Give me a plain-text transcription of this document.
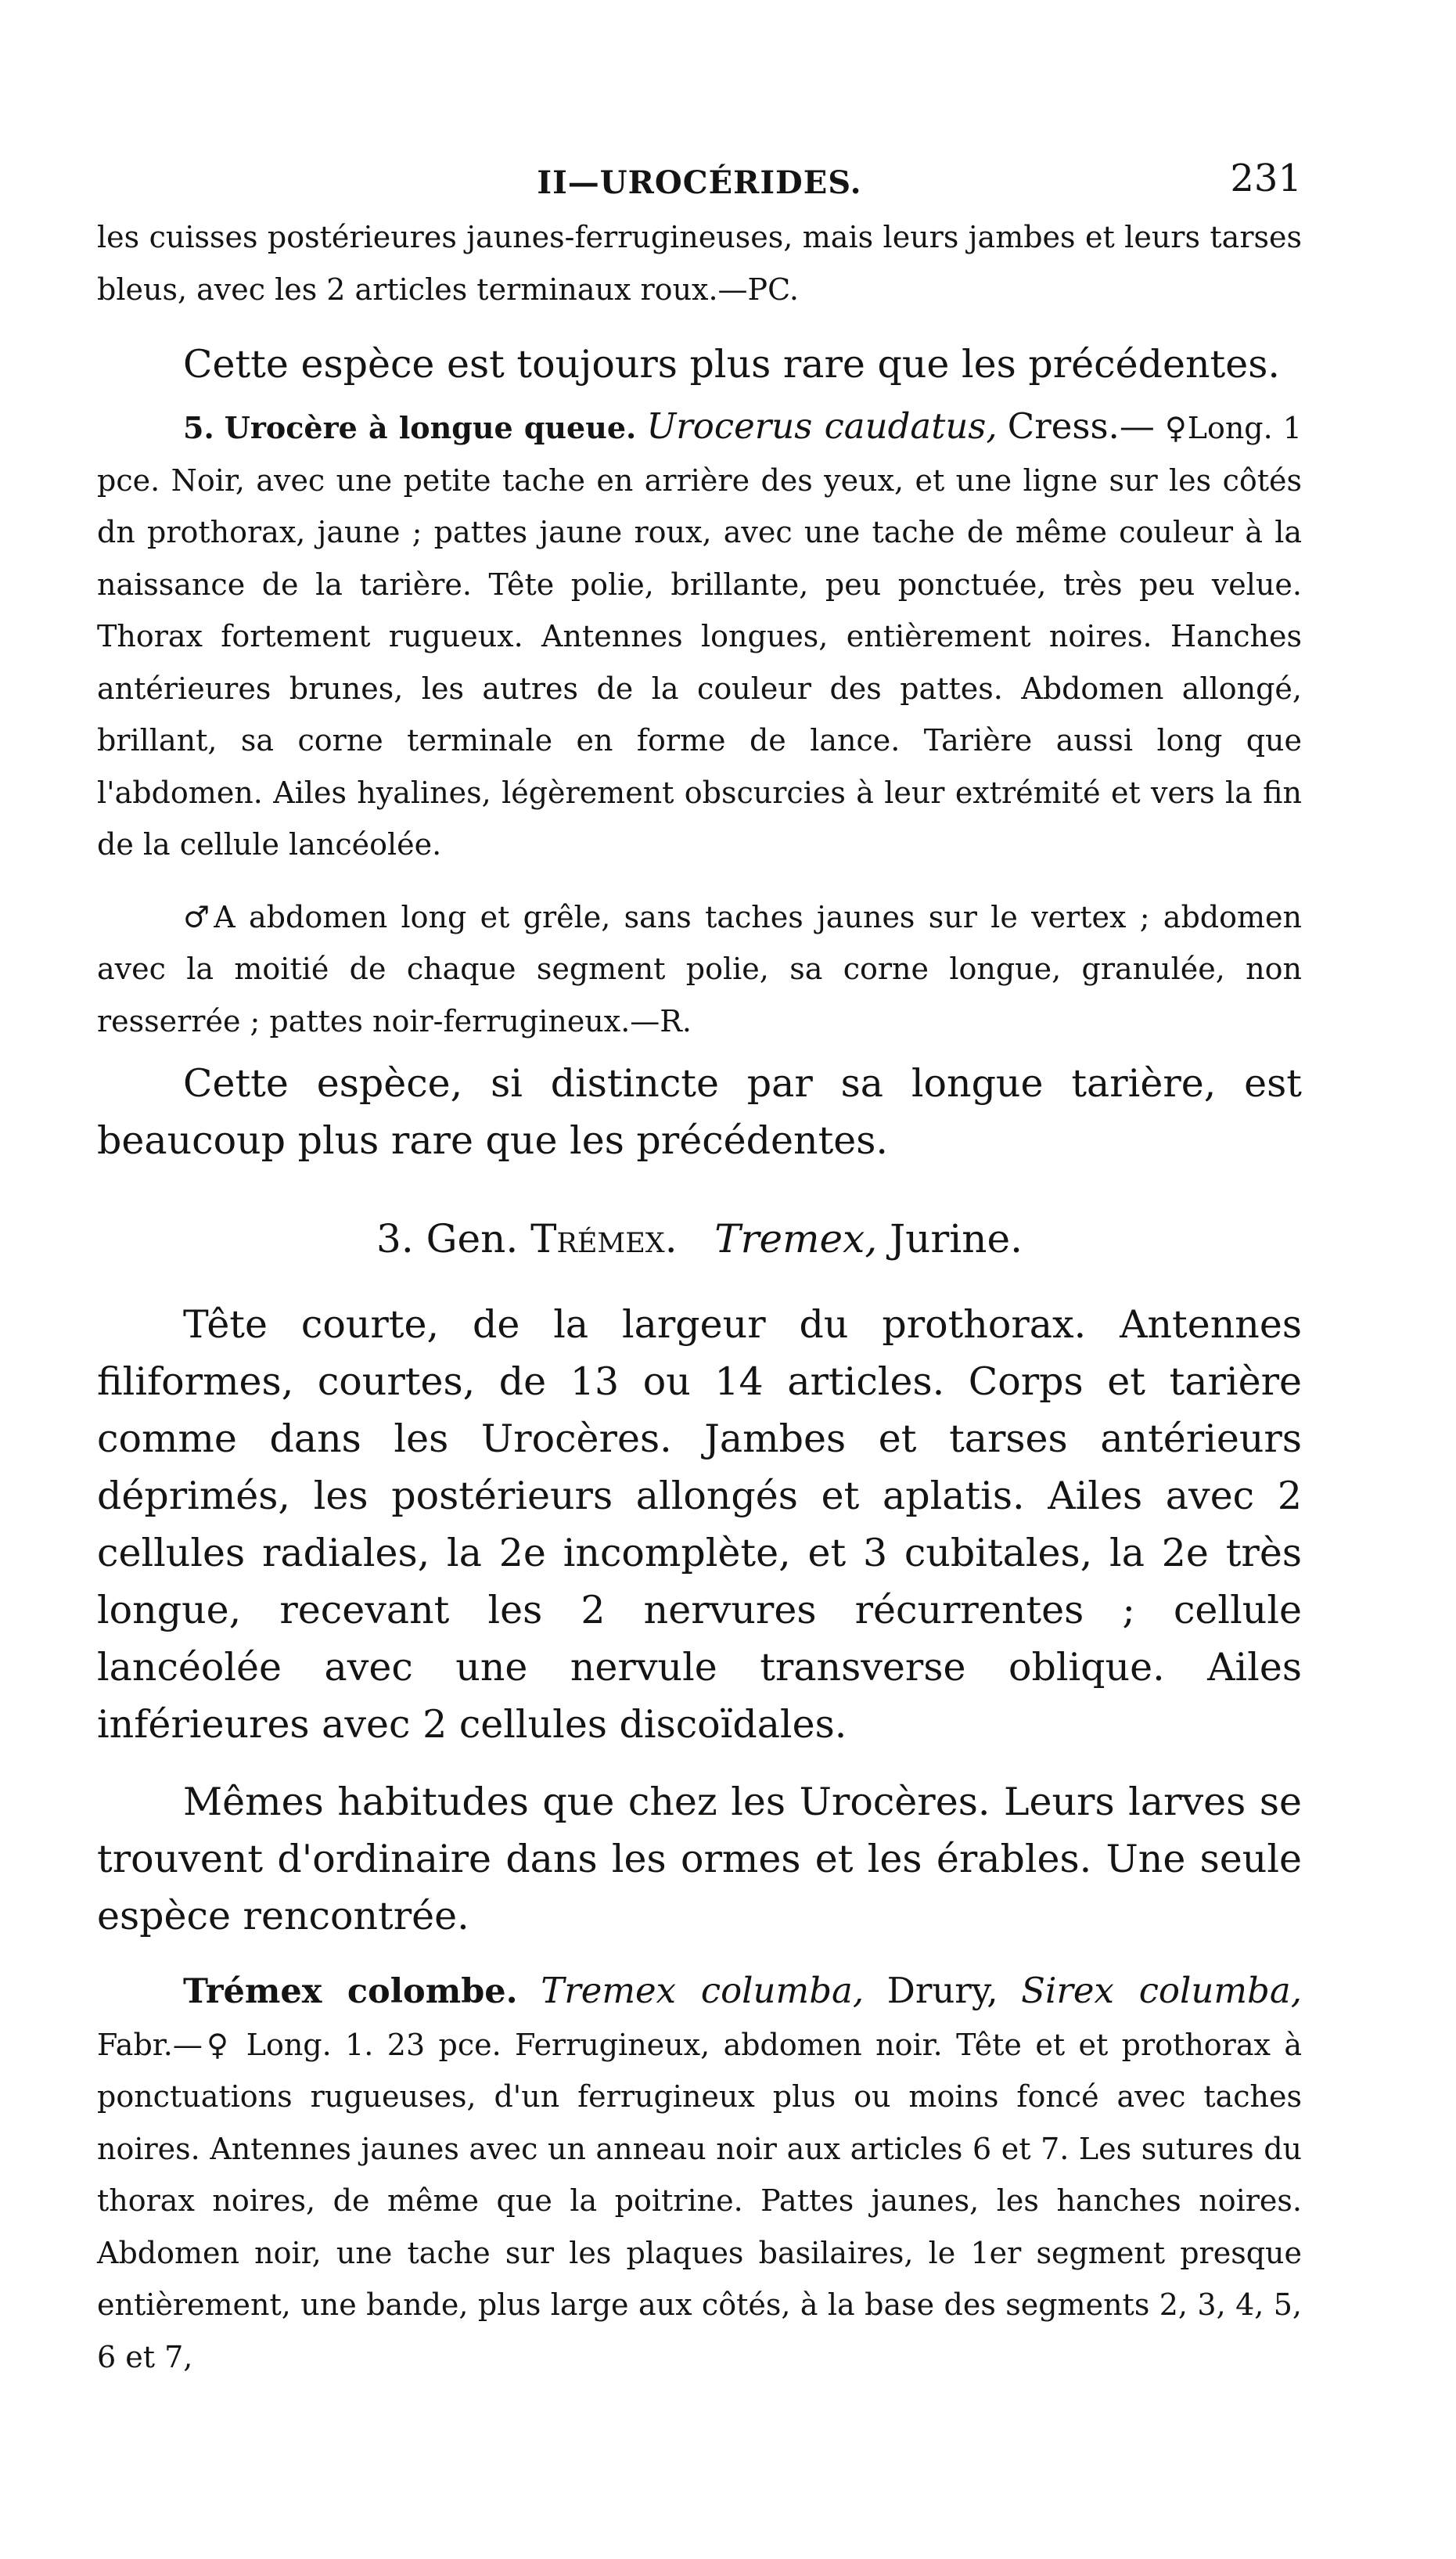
II—UROCÉRIDES.	231

les cuisses postérieures jaunes-ferrugineuses, mais leurs jambes et leurs tarses bleus, avec les 2 articles terminaux roux.—PC.

Cette espèce est toujours plus rare que les précédentes.

5. Urocère à longue queue. Urocerus caudatus, Cress.— ♀Long. 1 pce. Noir, avec une petite tache en arrière des yeux, et une ligne sur les côtés dn prothorax, jaune ; pattes jaune roux, avec une tache de même couleur à la naissance de la tarière. Tête polie, brillante, peu ponctuée, très peu velue. Thorax fortement rugueux. Antennes longues, entièrement noires. Hanches antérieures brunes, les autres de la couleur des pattes. Abdomen allongé, brillant, sa corne terminale en forme de lance. Tarière aussi long que l'abdomen. Ailes hyalines, légèrement obscurcies à leur extrémité et vers la fin de la cellule lancéolée.

♂A abdomen long et grêle, sans taches jaunes sur le vertex ; abdomen avec la moitié de chaque segment polie, sa corne longue, granulée, non resserrée ; pattes noir-ferrugineux.—R.

Cette espèce, si distincte par sa longue tarière, est beaucoup plus rare que les précédentes.

3. Gen. Trémex. Tremex, Jurine.

Tête courte, de la largeur du prothorax. Antennes filiformes, courtes, de 13 ou 14 articles. Corps et tarière comme dans les Urocères. Jambes et tarses antérieurs déprimés, les postérieurs allongés et aplatis. Ailes avec 2 cellules radiales, la 2e incomplète, et 3 cubitales, la 2e très longue, recevant les 2 nervures récurrentes ; cellule lancéolée avec une nervule transverse oblique. Ailes inférieures avec 2 cellules discoïdales.

Mêmes habitudes que chez les Urocères. Leurs larves se trouvent d'ordinaire dans les ormes et les érables. Une seule espèce rencontrée.

Trémex colombe. Tremex columba, Drury, Sirex columba, Fabr.—♀ Long. 1. 23 pce. Ferrugineux, abdomen noir. Tête et et prothorax à ponctuations rugueuses, d'un ferrugineux plus ou moins foncé avec taches noires. Antennes jaunes avec un anneau noir aux articles 6 et 7. Les sutures du thorax noires, de même que la poitrine. Pattes jaunes, les hanches noires. Abdomen noir, une tache sur les plaques basilaires, le 1er segment presque entièrement, une bande, plus large aux côtés, à la base des segments 2, 3, 4, 5, 6 et 7,
